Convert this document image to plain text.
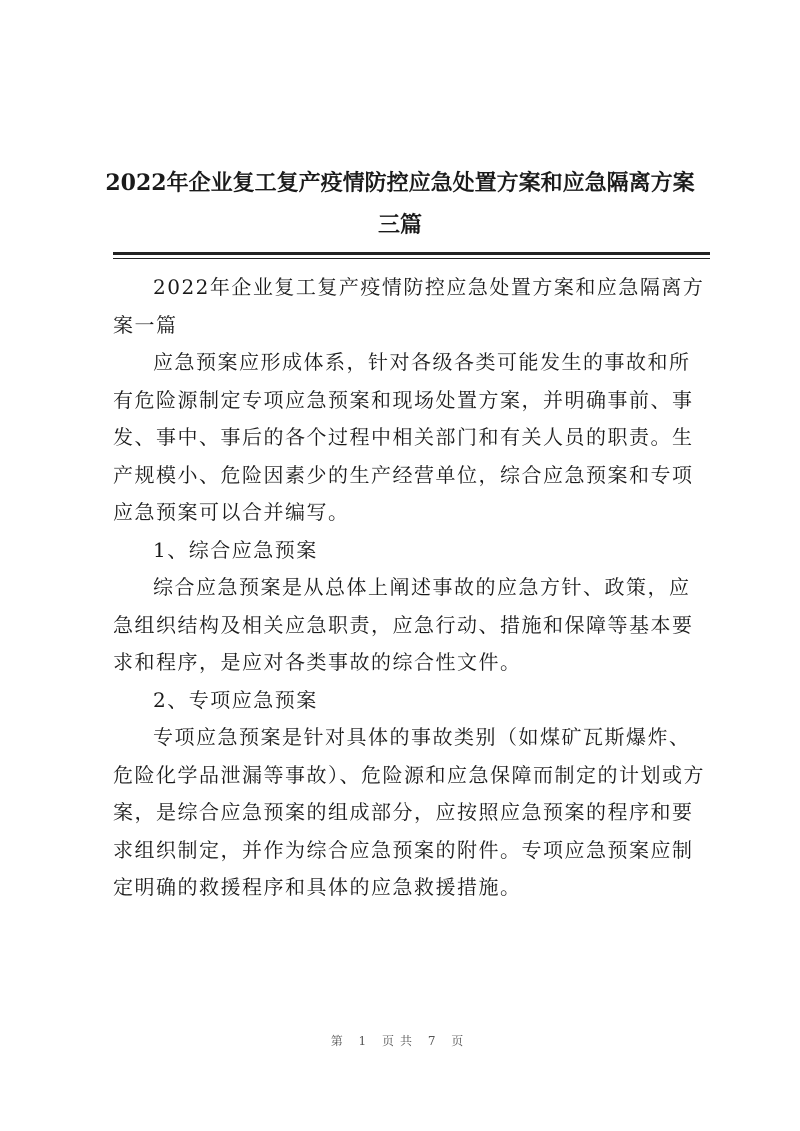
2022年企业复工复产疫情防控应急处置方案和应急隔离方案三篇

2022年企业复工复产疫情防控应急处置方案和应急隔离方案一篇

应急预案应形成体系，针对各级各类可能发生的事故和所有危险源制定专项应急预案和现场处置方案，并明确事前、事发、事中、事后的各个过程中相关部门和有关人员的职责。生产规模小、危险因素少的生产经营单位，综合应急预案和专项应急预案可以合并编写。

1、综合应急预案

综合应急预案是从总体上阐述事故的应急方针、政策，应急组织结构及相关应急职责，应急行动、措施和保障等基本要求和程序，是应对各类事故的综合性文件。

2、专项应急预案

专项应急预案是针对具体的事故类别（如煤矿瓦斯爆炸、危险化学品泄漏等事故）、危险源和应急保障而制定的计划或方案，是综合应急预案的组成部分，应按照应急预案的程序和要求组织制定，并作为综合应急预案的附件。专项应急预案应制定明确的救援程序和具体的应急救援措施。

第 1 页共 7 页
